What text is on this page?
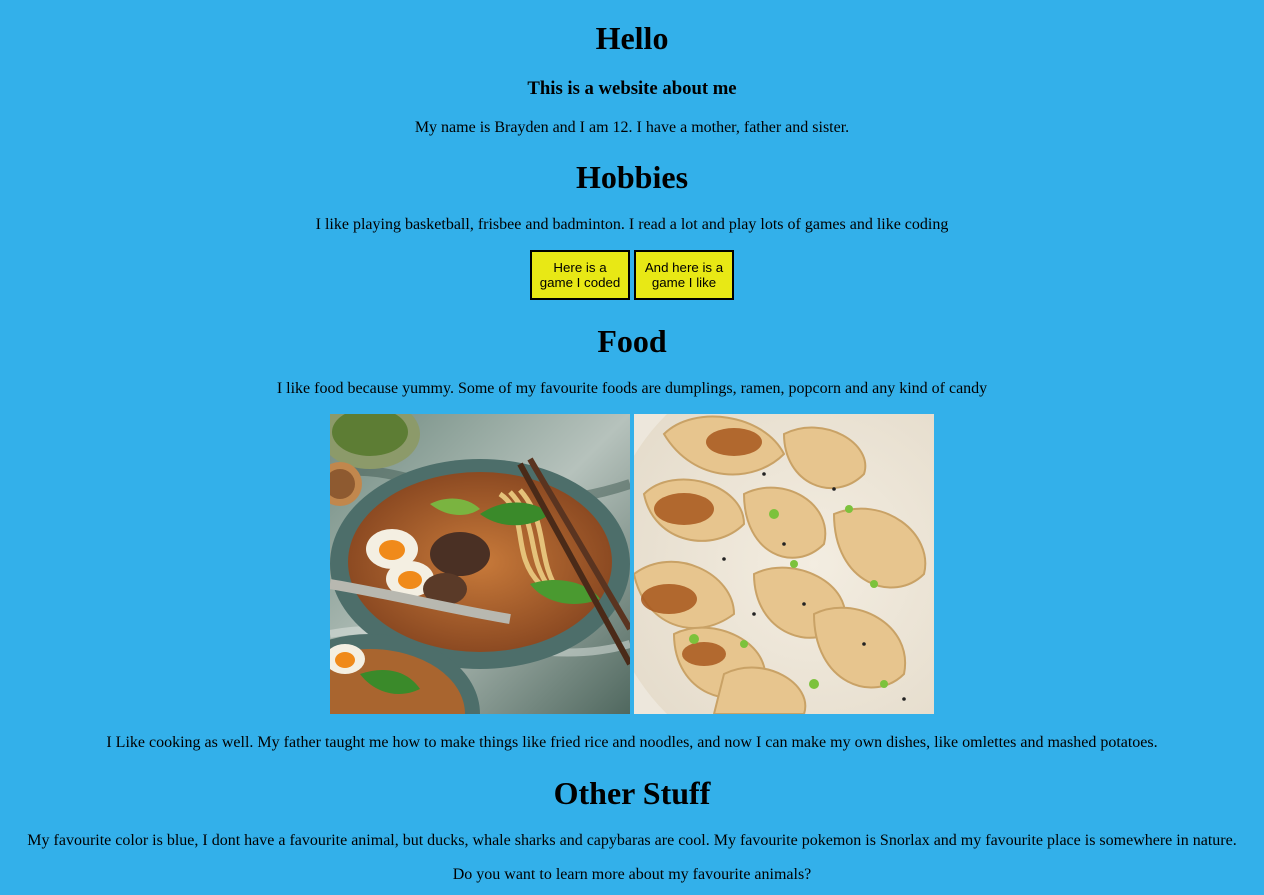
Hello
This is a website about me

My name is Brayden and I am 12. I have a mother, father and sister.

Hobbies

I like playing basketball, frisbee and badminton. I read a lot and play lots of games and like coding

Here is a game I coded
And here is a game I like
Food

I like food because yummy. Some of my favourite foods are dumplings, ramen, popcorn and any kind of candy

I Like cooking as well. My father taught me how to make things like fried rice and noodles, and now I can make my own dishes, like omlettes and mashed potatoes.

Other Stuff

My favourite color is blue, I dont have a favourite animal, but ducks, whale sharks and capybaras are cool. My favourite pokemon is Snorlax and my favourite place is somewhere in nature.

Do you want to learn more about my favourite animals?
